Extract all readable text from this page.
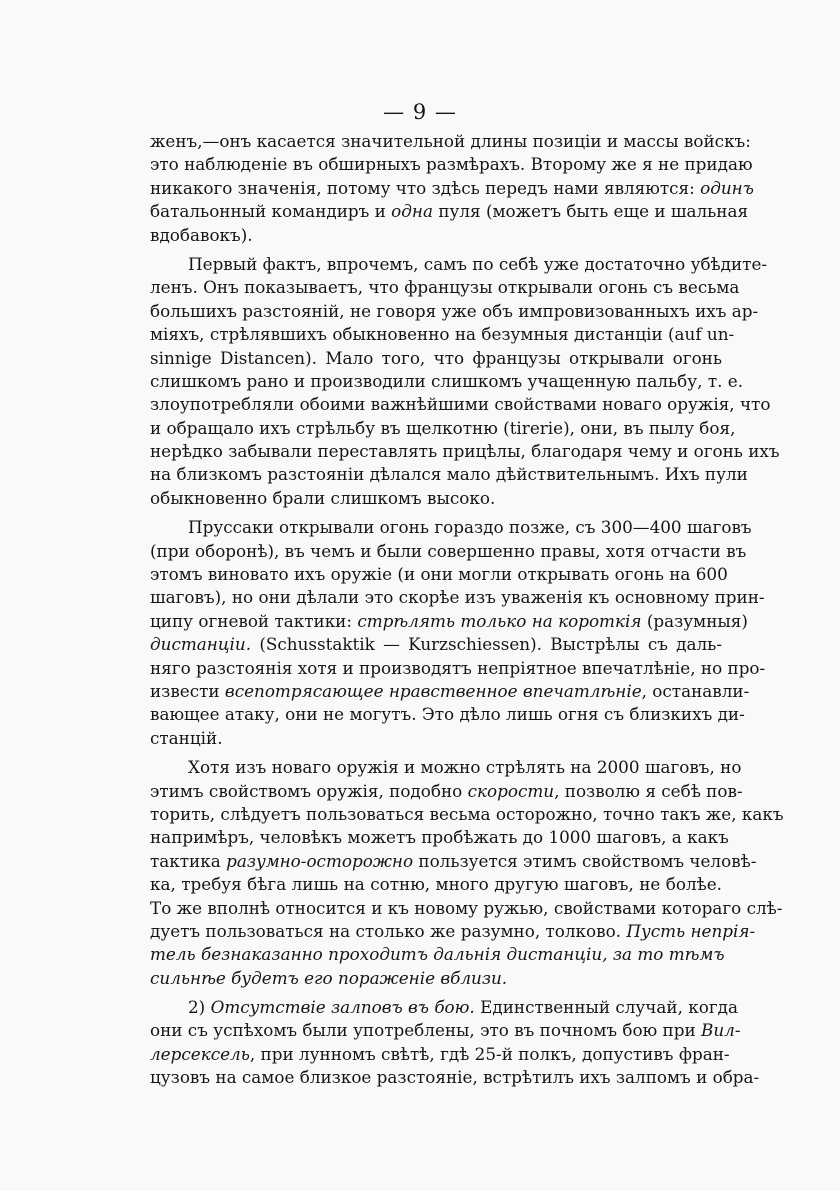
— 9 —
женъ,—онъ касается значительной длины позиціи и массы войскъ:
это наблюденіе въ обширныхъ размѣрахъ. Второму же я не придаю
никакого значенія, потому что здѣсь передъ нами являются: одинъ
батальонный командиръ и одна пуля (можетъ быть еще и шальная
вдобавокъ).
Первый фактъ, впрочемъ, самъ по себѣ уже достаточно убѣдите-
ленъ. Онъ показываетъ, что французы открывали огонь съ весьма
большихъ разстояній, не говоря уже объ импровизованныхъ ихъ ар-
міяхъ, стрѣлявшихъ обыкновенно на безумныя дистанціи (auf un-
sinnige Distancen). Мало того, что французы открывали огонь
слишкомъ рано и производили слишкомъ учащенную пальбу, т. е.
злоупотребляли обоими важнѣйшими свойствами новаго оружія, что
и обращало ихъ стрѣльбу въ щелкотню (tirerie), они, въ пылу боя,
нерѣдко забывали переставлять прицѣлы, благодаря чему и огонь ихъ
на близкомъ разстояніи дѣлался мало дѣйствительнымъ. Ихъ пули
обыкновенно брали слишкомъ высоко.
Пруссаки открывали огонь гораздо позже, съ 300—400 шаговъ
(при оборонѣ), въ чемъ и были совершенно правы, хотя отчасти въ
этомъ виновато ихъ оружіе (и они могли открывать огонь на 600
шаговъ), но они дѣлали это скорѣе изъ уваженія къ основному прин-
ципу огневой тактики: стрѣлять только на короткія (разумныя)
дистанціи. (Schusstaktik — Kurzschiessen). Выстрѣлы съ даль-
няго разстоянія хотя и производятъ непріятное впечатлѣніе, но про-
извести всепотрясающее нравственное впечатлѣніе, останавли-
вающее атаку, они не могутъ. Это дѣло лишь огня съ близкихъ ди-
станцій.
Хотя изъ новаго оружія и можно стрѣлять на 2000 шаговъ, но
этимъ свойствомъ оружія, подобно скорости, позволю я себѣ пов-
торить, слѣдуетъ пользоваться весьма осторожно, точно такъ же, какъ
напримѣръ, человѣкъ можетъ пробѣжать до 1000 шаговъ, а какъ
тактика разумно-осторожно пользуется этимъ свойствомъ человѣ-
ка, требуя бѣга лишь на сотню, много другую шаговъ, не болѣе.
То же вполнѣ относится и къ новому ружью, свойствами котораго слѣ-
дуетъ пользоваться на столько же разумно, толково. Пусть непрія-
тель безнаказанно проходитъ дальнія дистанціи, за то тѣмъ
сильнѣе будетъ его пораженіе вблизи.
2) Отсутствіе залповъ въ бою. Единственный случай, когда
они съ успѣхомъ были употреблены, это въ почномъ бою при Вил-
лерсексель, при лунномъ свѣтѣ, гдѣ 25-й полкъ, допустивъ фран-
цузовъ на самое близкое разстояніе, встрѣтилъ ихъ залпомъ и обра-
